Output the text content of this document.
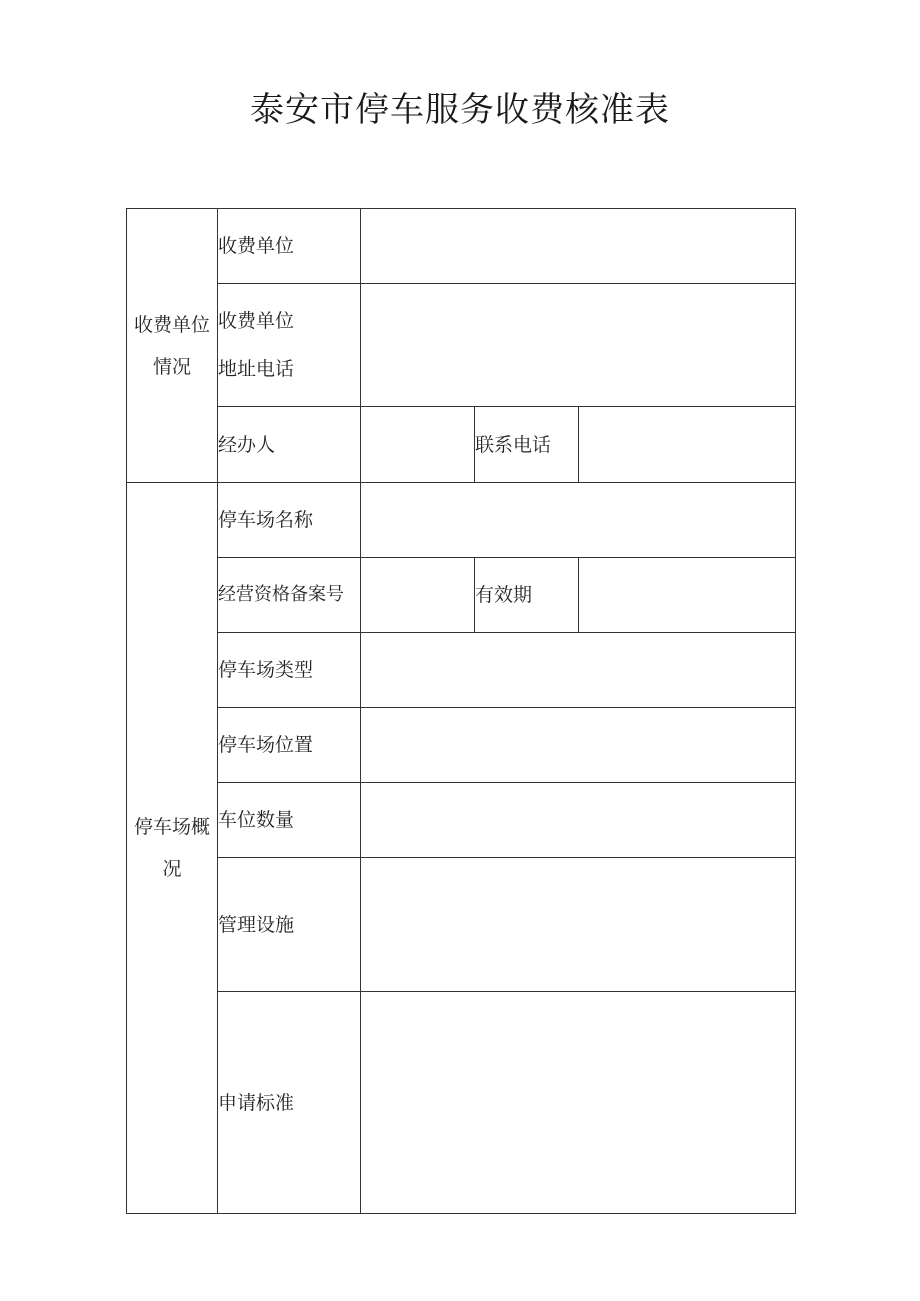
泰安市停车服务收费核准表
收费单位
情况	收费单位			

	收费单位
地址电话			

	经办人		联系电话	

停车场概
况	停车场名称			
	经营资格备案号		有效期	
	停车场类型			
	停车场位置			
	车位数量			
	管理设施			
	申请标准			
